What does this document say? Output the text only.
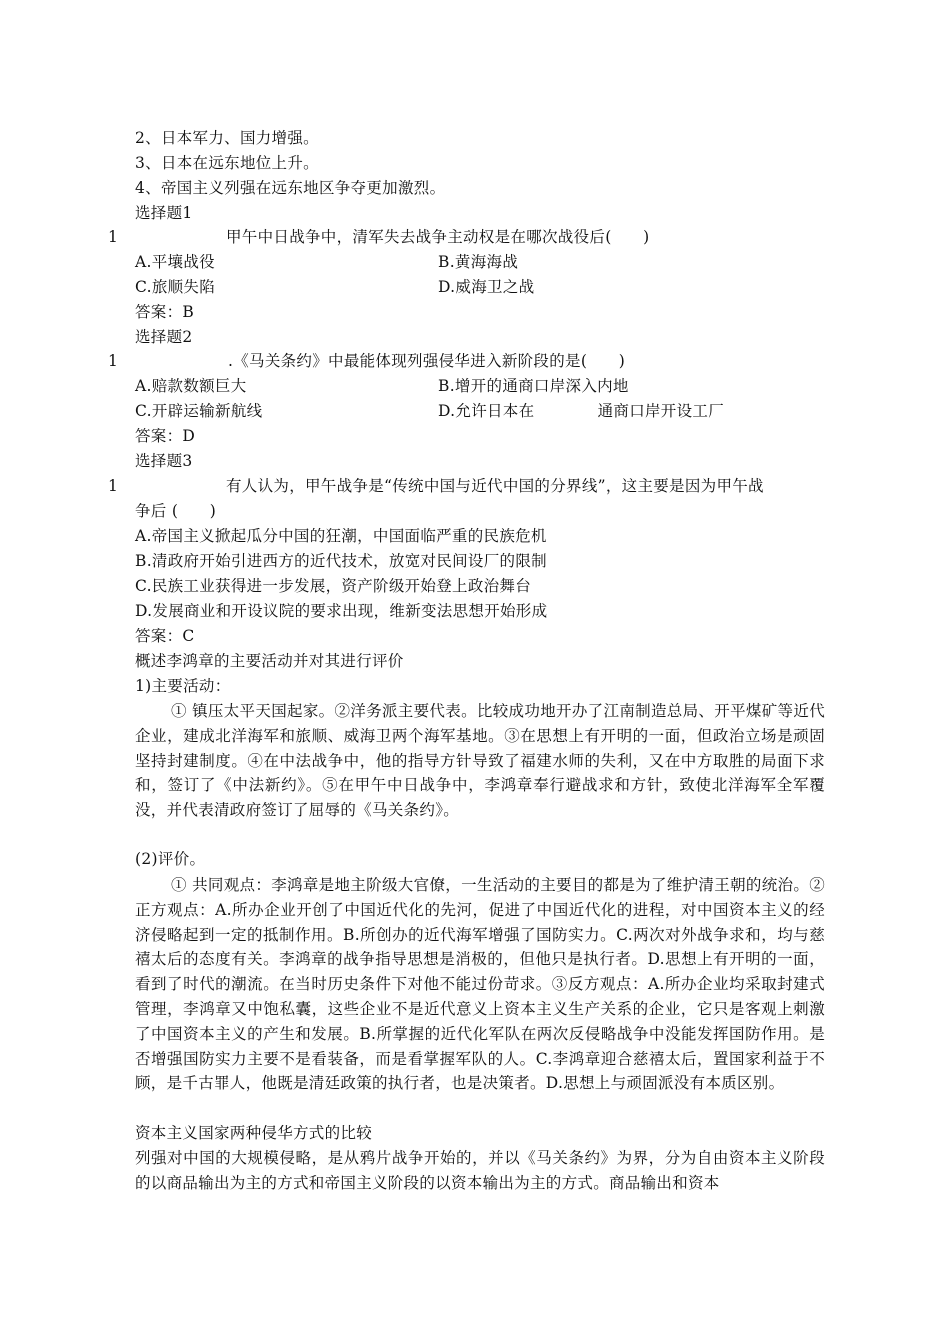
2、日本军力、国力增强。
3、日本在远东地位上升。
4、帝国主义列强在远东地区争夺更加激烈。
选择题1
1	甲午中日战争中，清军失去战争主动权是在哪次战役后(　　)
A.平壤战役	B.黄海海战
C.旅顺失陷	D.威海卫之战
答案：B
选择题2
1	.《马关条约》中最能体现列强侵华进入新阶段的是(　　)
A.赔款数额巨大	B.增开的通商口岸深入内地
C.开辟运输新航线	D.允许日本在　　　　通商口岸开设工厂
答案：D
选择题3
1	有人认为，甲午战争是“传统中国与近代中国的分界线”，这主要是因为甲午战
争后 (　　)
A.帝国主义掀起瓜分中国的狂潮，中国面临严重的民族危机
B.清政府开始引进西方的近代技术，放宽对民间设厂的限制
C.民族工业获得进一步发展，资产阶级开始登上政治舞台
D.发展商业和开设议院的要求出现，维新变法思想开始形成
答案：C
概述李鸿章的主要活动并对其进行评价
1)主要活动：
① 镇压太平天国起家。②洋务派主要代表。比较成功地开办了江南制造总局、开平煤矿等近代企业，建成北洋海军和旅顺、威海卫两个海军基地。③在思想上有开明的一面，但政治立场是顽固坚持封建制度。④在中法战争中，他的指导方针导致了福建水师的失利，又在中方取胜的局面下求和，签订了《中法新约》。⑤在甲午中日战争中，李鸿章奉行避战求和方针，致使北洋海军全军覆没，并代表清政府签订了屈辱的《马关条约》。
(2)评价。
① 共同观点：李鸿章是地主阶级大官僚，一生活动的主要目的都是为了维护清王朝的统治。②正方观点：A.所办企业开创了中国近代化的先河，促进了中国近代化的进程，对中国资本主义的经济侵略起到一定的抵制作用。B.所创办的近代海军增强了国防实力。C.两次对外战争求和，均与慈禧太后的态度有关。李鸿章的战争指导思想是消极的，但他只是执行者。D.思想上有开明的一面，看到了时代的潮流。在当时历史条件下对他不能过份苛求。③反方观点：A.所办企业均采取封建式管理，李鸿章又中饱私囊，这些企业不是近代意义上资本主义生产关系的企业，它只是客观上刺激了中国资本主义的产生和发展。B.所掌握的近代化军队在两次反侵略战争中没能发挥国防作用。是否增强国防实力主要不是看装备，而是看掌握军队的人。C.李鸿章迎合慈禧太后，置国家利益于不顾，是千古罪人，他既是清廷政策的执行者，也是决策者。D.思想上与顽固派没有本质区别。
资本主义国家两种侵华方式的比较
列强对中国的大规模侵略，是从鸦片战争开始的，并以《马关条约》为界，分为自由资本主义阶段的以商品输出为主的方式和帝国主义阶段的以资本输出为主的方式。商品输出和资本
